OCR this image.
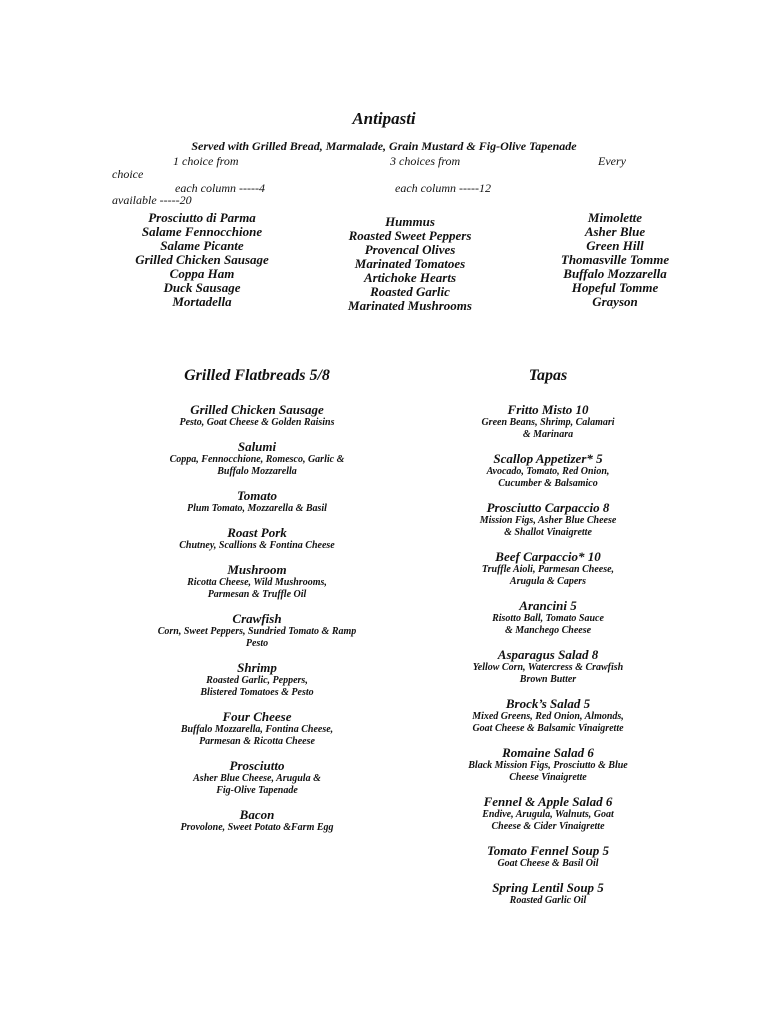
Antipasti
Served with Grilled Bread, Marmalade, Grain Mustard & Fig-Olive Tapenade
1 choice from	3 choices from	Every
choice
each column -----4	each column -----12
available -----20
Prosciutto di Parma
Salame Fennocchione
Salame Picante
Grilled Chicken Sausage
Coppa Ham
Duck Sausage
Mortadella
Hummus
Roasted Sweet Peppers
Provencal Olives
Marinated Tomatoes
Artichoke Hearts
Roasted Garlic
Marinated Mushrooms
Mimolette
Asher Blue
Green Hill
Thomasville Tomme
Buffalo Mozzarella
Hopeful Tomme
Grayson
Grilled Flatbreads 5/8
Grilled Chicken Sausage
Pesto, Goat Cheese & Golden Raisins
Salumi
Coppa, Fennocchione, Romesco, Garlic &
Buffalo Mozzarella
Tomato
Plum Tomato, Mozzarella & Basil
Roast Pork
Chutney, Scallions & Fontina Cheese
Mushroom
Ricotta Cheese, Wild Mushrooms,
Parmesan & Truffle Oil
Crawfish
Corn, Sweet Peppers, Sundried Tomato & Ramp
Pesto
Shrimp
Roasted Garlic, Peppers,
Blistered Tomatoes & Pesto
Four Cheese
Buffalo Mozzarella, Fontina Cheese,
Parmesan & Ricotta Cheese
Prosciutto
Asher Blue Cheese, Arugula &
Fig-Olive Tapenade
Bacon
Provolone, Sweet Potato &Farm Egg
Tapas
Fritto Misto 10
Green Beans, Shrimp, Calamari
& Marinara
Scallop Appetizer* 5
Avocado, Tomato, Red Onion,
Cucumber & Balsamico
Prosciutto Carpaccio 8
Mission Figs, Asher Blue Cheese
& Shallot Vinaigrette
Beef Carpaccio* 10
Truffle Aioli, Parmesan Cheese,
Arugula & Capers
Arancini 5
Risotto Ball, Tomato Sauce
& Manchego Cheese
Asparagus Salad 8
Yellow Corn, Watercress & Crawfish
Brown Butter
Brock’s Salad 5
Mixed Greens, Red Onion, Almonds,
Goat Cheese & Balsamic Vinaigrette
Romaine Salad 6
Black Mission Figs, Prosciutto & Blue
Cheese Vinaigrette
Fennel & Apple Salad 6
Endive, Arugula, Walnuts, Goat
Cheese & Cider Vinaigrette
Tomato Fennel Soup 5
Goat Cheese & Basil Oil
Spring Lentil Soup 5
Roasted Garlic Oil
